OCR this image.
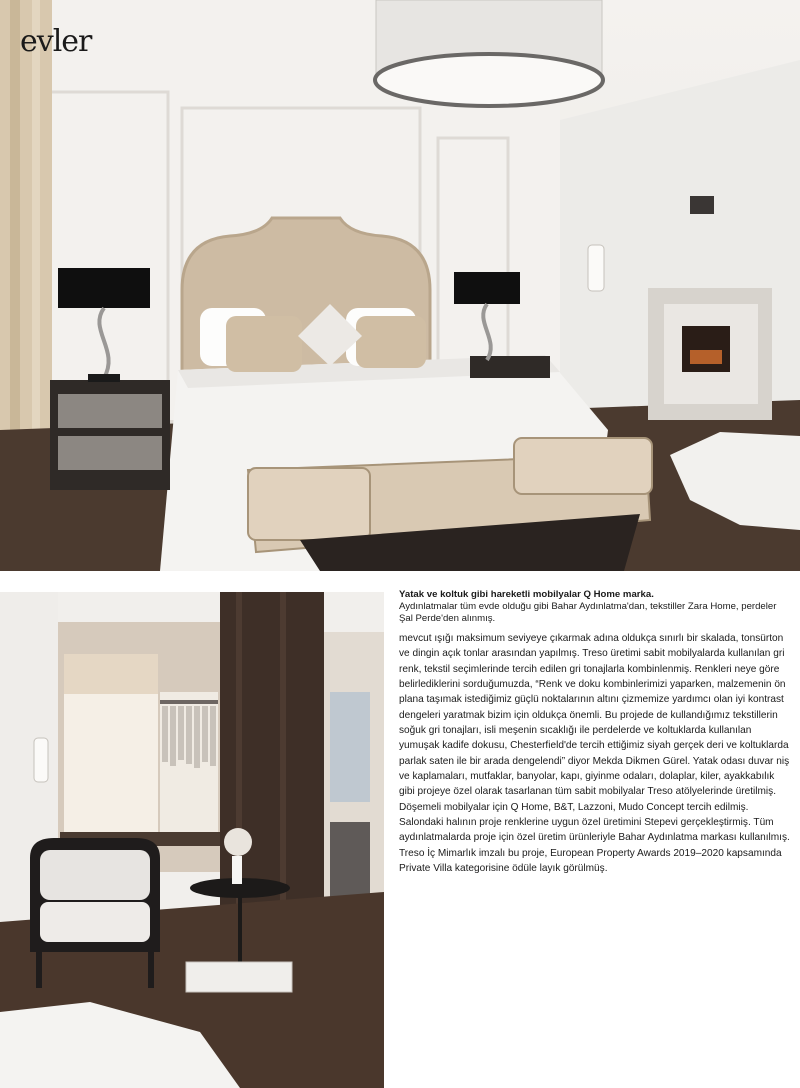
evler

Yatak ve koltuk gibi hareketli mobilyalar Q Home marka.
Aydınlatmalar tüm evde olduğu gibi Bahar Aydınlatma'dan, tekstiller Zara Home, perdeler Şal Perde'den alınmış.

mevcut ışığı maksimum seviyeye çıkarmak adına oldukça sınırlı bir skalada, tonsürton ve dingin açık tonlar arasından yapılmış. Treso üretimi sabit mobilyalarda kullanılan gri renk, tekstil seçimlerinde tercih edilen gri tonajlarla kombinlenmiş. Renkleri neye göre belirlediklerini sorduğumuzda, “Renk ve doku kombinlerimizi yaparken, malzemenin ön plana taşımak istediğimiz güçlü noktalarının altını çizmemize yardımcı olan iyi kontrast dengeleri yaratmak bizim için oldukça önemli. Bu projede de kullandığımız tekstillerin soğuk gri tonajları, isli meşenin sıcaklığı ile perdelerde ve koltuklarda kullanılan yumuşak kadife dokusu, Chesterfield'de tercih ettiğimiz siyah gerçek deri ve koltuklarda parlak saten ile bir arada dengelendi” diyor Mekda Dikmen Gürel. Yatak odası duvar niş ve kaplamaları, mutfaklar, banyolar, kapı, giyinme odaları, dolaplar, kiler, ayakkabılık gibi projeye özel olarak tasarlanan tüm sabit mobilyalar Treso atölyelerinde üretilmiş. Döşemeli mobilyalar için Q Home, B&T, Lazzoni, Mudo Concept tercih edilmiş. Salondaki halının proje renklerine uygun özel üretimini Stepevi gerçekleştirmiş. Tüm aydınlatmalarda proje için özel üretim ürünleriyle Bahar Aydınlatma markası kullanılmış. Treso İç Mimarlık imzalı bu proje, European Property Awards 2019–2020 kapsamında Private Villa kategorisine ödüle layık görülmüş.
